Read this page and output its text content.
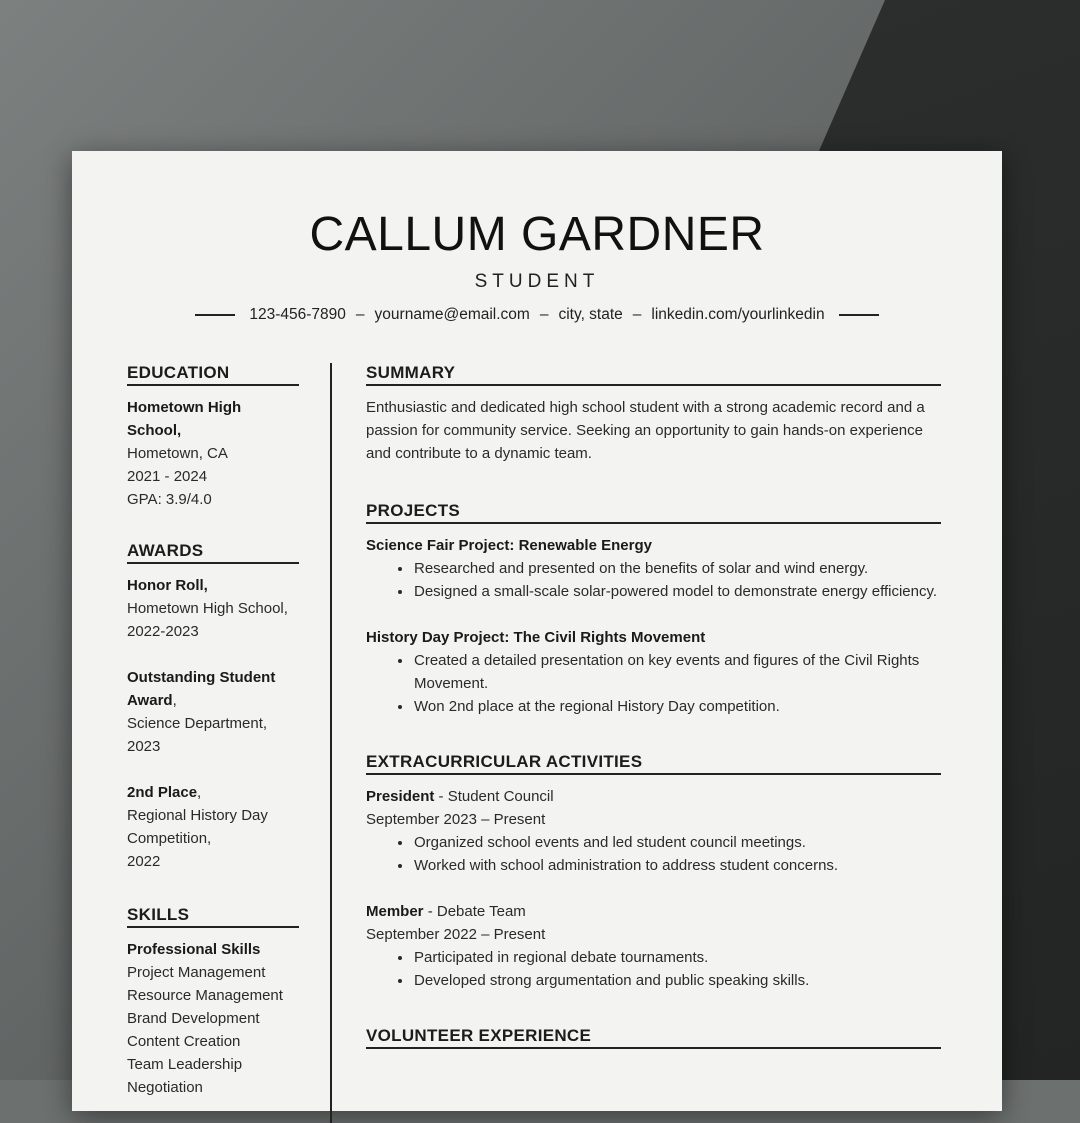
CALLUM GARDNER
STUDENT
123-456-7890 – yourname@email.com – city, state – linkedin.com/yourlinkedin
EDUCATION
Hometown High School,
Hometown, CA
2021 - 2024
GPA: 3.9/4.0
AWARDS
Honor Roll,
Hometown High School,
2022-2023
Outstanding Student Award,
Science Department,
2023
2nd Place,
Regional History Day Competition,
2022
SKILLS
Professional Skills
Project Management
Resource Management
Brand Development
Content Creation
Team Leadership
Negotiation
SUMMARY
Enthusiastic and dedicated high school student with a strong academic record and a passion for community service. Seeking an opportunity to gain hands-on experience and contribute to a dynamic team.
PROJECTS
Science Fair Project: Renewable Energy
• Researched and presented on the benefits of solar and wind energy.
• Designed a small-scale solar-powered model to demonstrate energy efficiency.
History Day Project: The Civil Rights Movement
• Created a detailed presentation on key events and figures of the Civil Rights Movement.
• Won 2nd place at the regional History Day competition.
EXTRACURRICULAR ACTIVITIES
President - Student Council
September 2023 – Present
• Organized school events and led student council meetings.
• Worked with school administration to address student concerns.
Member - Debate Team
September 2022 – Present
• Participated in regional debate tournaments.
• Developed strong argumentation and public speaking skills.
VOLUNTEER EXPERIENCE
